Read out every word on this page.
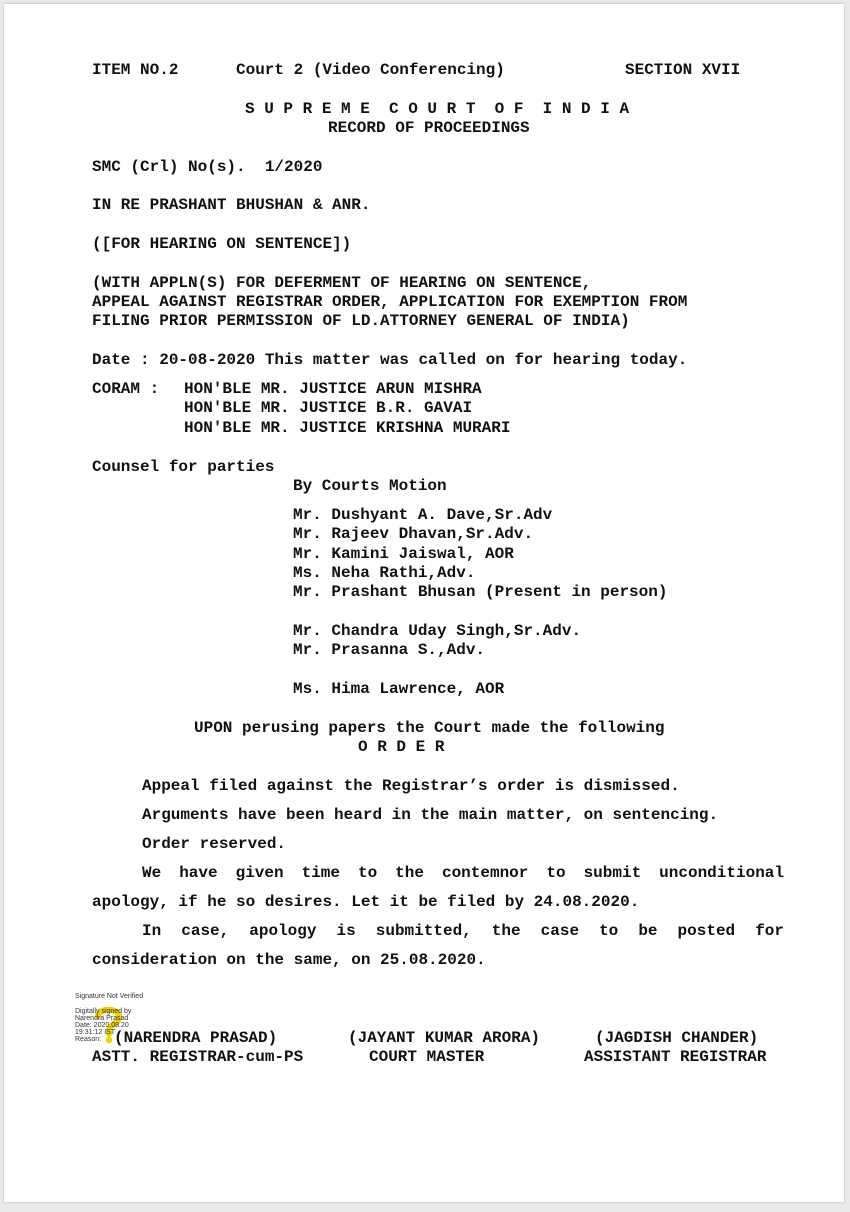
ITEM NO.2	Court 2 (Video Conferencing)	SECTION XVII
S U P R E M E  C O U R T  O F  I N D I A
RECORD OF PROCEEDINGS
SMC (Crl) No(s).  1/2020
IN RE PRASHANT BHUSHAN & ANR.
([FOR HEARING ON SENTENCE])
(WITH APPLN(S) FOR DEFERMENT OF HEARING ON SENTENCE,
APPEAL AGAINST REGISTRAR ORDER, APPLICATION FOR EXEMPTION FROM
FILING PRIOR PERMISSION OF LD.ATTORNEY GENERAL OF INDIA)
Date : 20-08-2020 This matter was called on for hearing today.
CORAM : HON'BLE MR. JUSTICE ARUN MISHRA
HON'BLE MR. JUSTICE B.R. GAVAI
HON'BLE MR. JUSTICE KRISHNA MURARI
Counsel for parties
By Courts Motion
Mr. Dushyant A. Dave,Sr.Adv
Mr. Rajeev Dhavan,Sr.Adv.
Mr. Kamini Jaiswal, AOR
Ms. Neha Rathi,Adv.
Mr. Prashant Bhusan (Present in person)
Mr. Chandra Uday Singh,Sr.Adv.
Mr. Prasanna S.,Adv.
Ms. Hima Lawrence, AOR
UPON perusing papers the Court made the following
O R D E R
Appeal filed against the Registrar’s order is dismissed.
Arguments have been heard in the main matter, on sentencing.
Order reserved.
We have given time to the contemnor to submit unconditional apology, if he so desires. Let it be filed by 24.08.2020.
In case, apology is submitted, the case to be posted for consideration on the same, on 25.08.2020.
Signature Not Verified
Digitally signed by
Narendra Prasad
Date: 2020.08.20
19:31:12 IST
Reason: (NARENDRA PRASAD)
ASTT. REGISTRAR-cum-PS
(JAYANT KUMAR ARORA)
COURT MASTER
(JAGDISH CHANDER)
ASSISTANT REGISTRAR
